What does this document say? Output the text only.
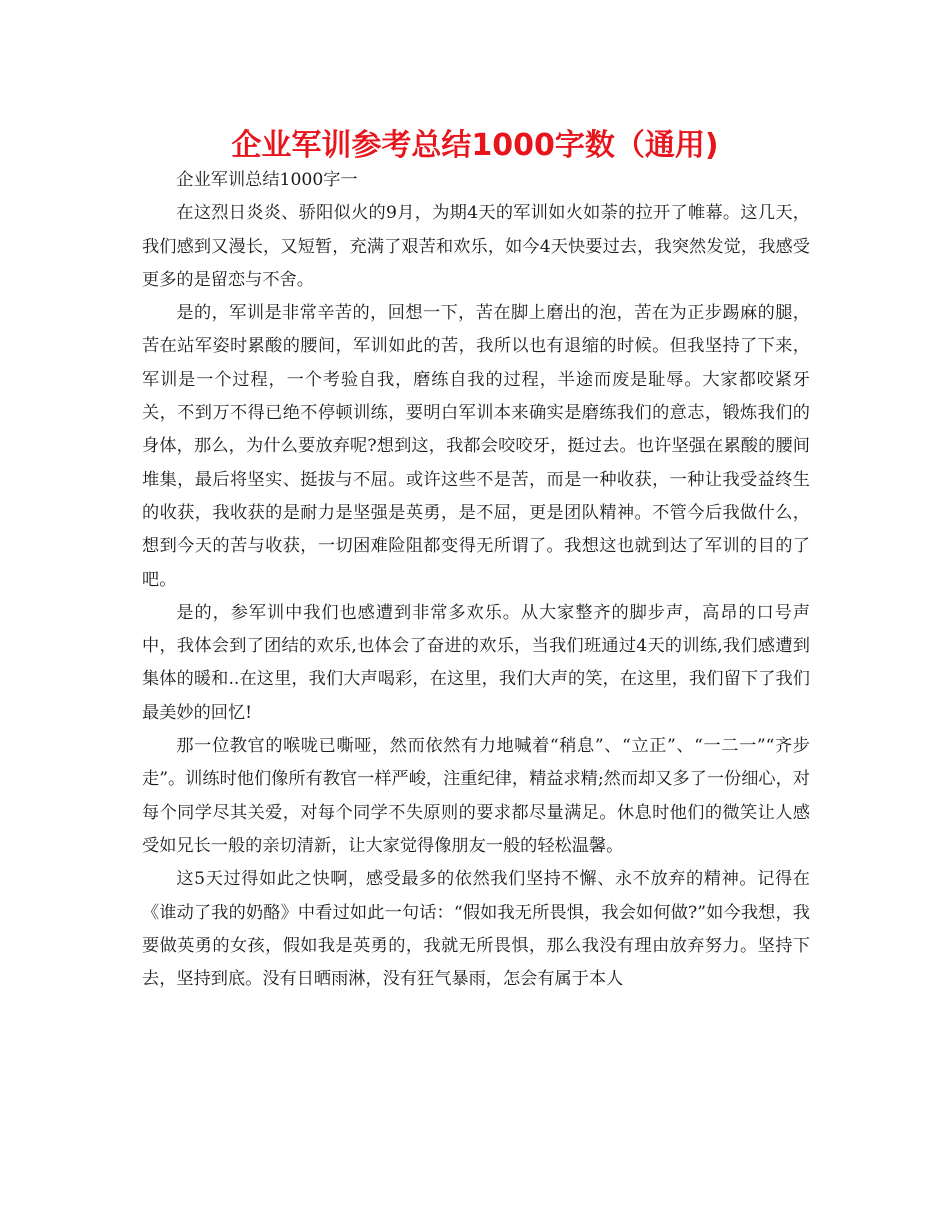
企业军训参考总结1000字数（通用)

企业军训总结1000字一

在这烈日炎炎、骄阳似火的9月，为期4天的军训如火如荼的拉开了帷幕。这几天，我们感到又漫长，又短暂，充满了艰苦和欢乐，如今4天快要过去，我突然发觉，我感受更多的是留恋与不舍。

是的，军训是非常辛苦的，回想一下，苦在脚上磨出的泡，苦在为正步踢麻的腿，苦在站军姿时累酸的腰间，军训如此的苦，我所以也有退缩的时候。但我坚持了下来，军训是一个过程，一个考验自我，磨练自我的过程，半途而废是耻辱。大家都咬紧牙关，不到万不得已绝不停顿训练，要明白军训本来确实是磨练我们的意志，锻炼我们的身体，那么，为什么要放弃呢?想到这，我都会咬咬牙，挺过去。也许坚强在累酸的腰间堆集，最后将坚实、挺拔与不屈。或许这些不是苦，而是一种收获，一种让我受益终生的收获，我收获的是耐力是坚强是英勇，是不屈，更是团队精神。不管今后我做什么，想到今天的苦与收获，一切困难险阻都变得无所谓了。我想这也就到达了军训的目的了吧。

是的，参军训中我们也感遭到非常多欢乐。从大家整齐的脚步声，高昂的口号声中，我体会到了团结的欢乐,也体会了奋进的欢乐，当我们班通过4天的训练,我们感遭到集体的暖和..在这里，我们大声喝彩，在这里，我们大声的笑，在这里，我们留下了我们最美妙的回忆!

那一位教官的喉咙已嘶哑，然而依然有力地喊着“稍息”、“立正”、“一二一”“齐步走”。训练时他们像所有教官一样严峻，注重纪律，精益求精;然而却又多了一份细心，对每个同学尽其关爱，对每个同学不失原则的要求都尽量满足。休息时他们的微笑让人感受如兄长一般的亲切清新，让大家觉得像朋友一般的轻松温馨。

这5天过得如此之快啊，感受最多的依然我们坚持不懈、永不放弃的精神。记得在《谁动了我的奶酪》中看过如此一句话：“假如我无所畏惧，我会如何做?”如今我想，我要做英勇的女孩，假如我是英勇的，我就无所畏惧，那么我没有理由放弃努力。坚持下去，坚持到底。没有日晒雨淋，没有狂气暴雨，怎会有属于本人
